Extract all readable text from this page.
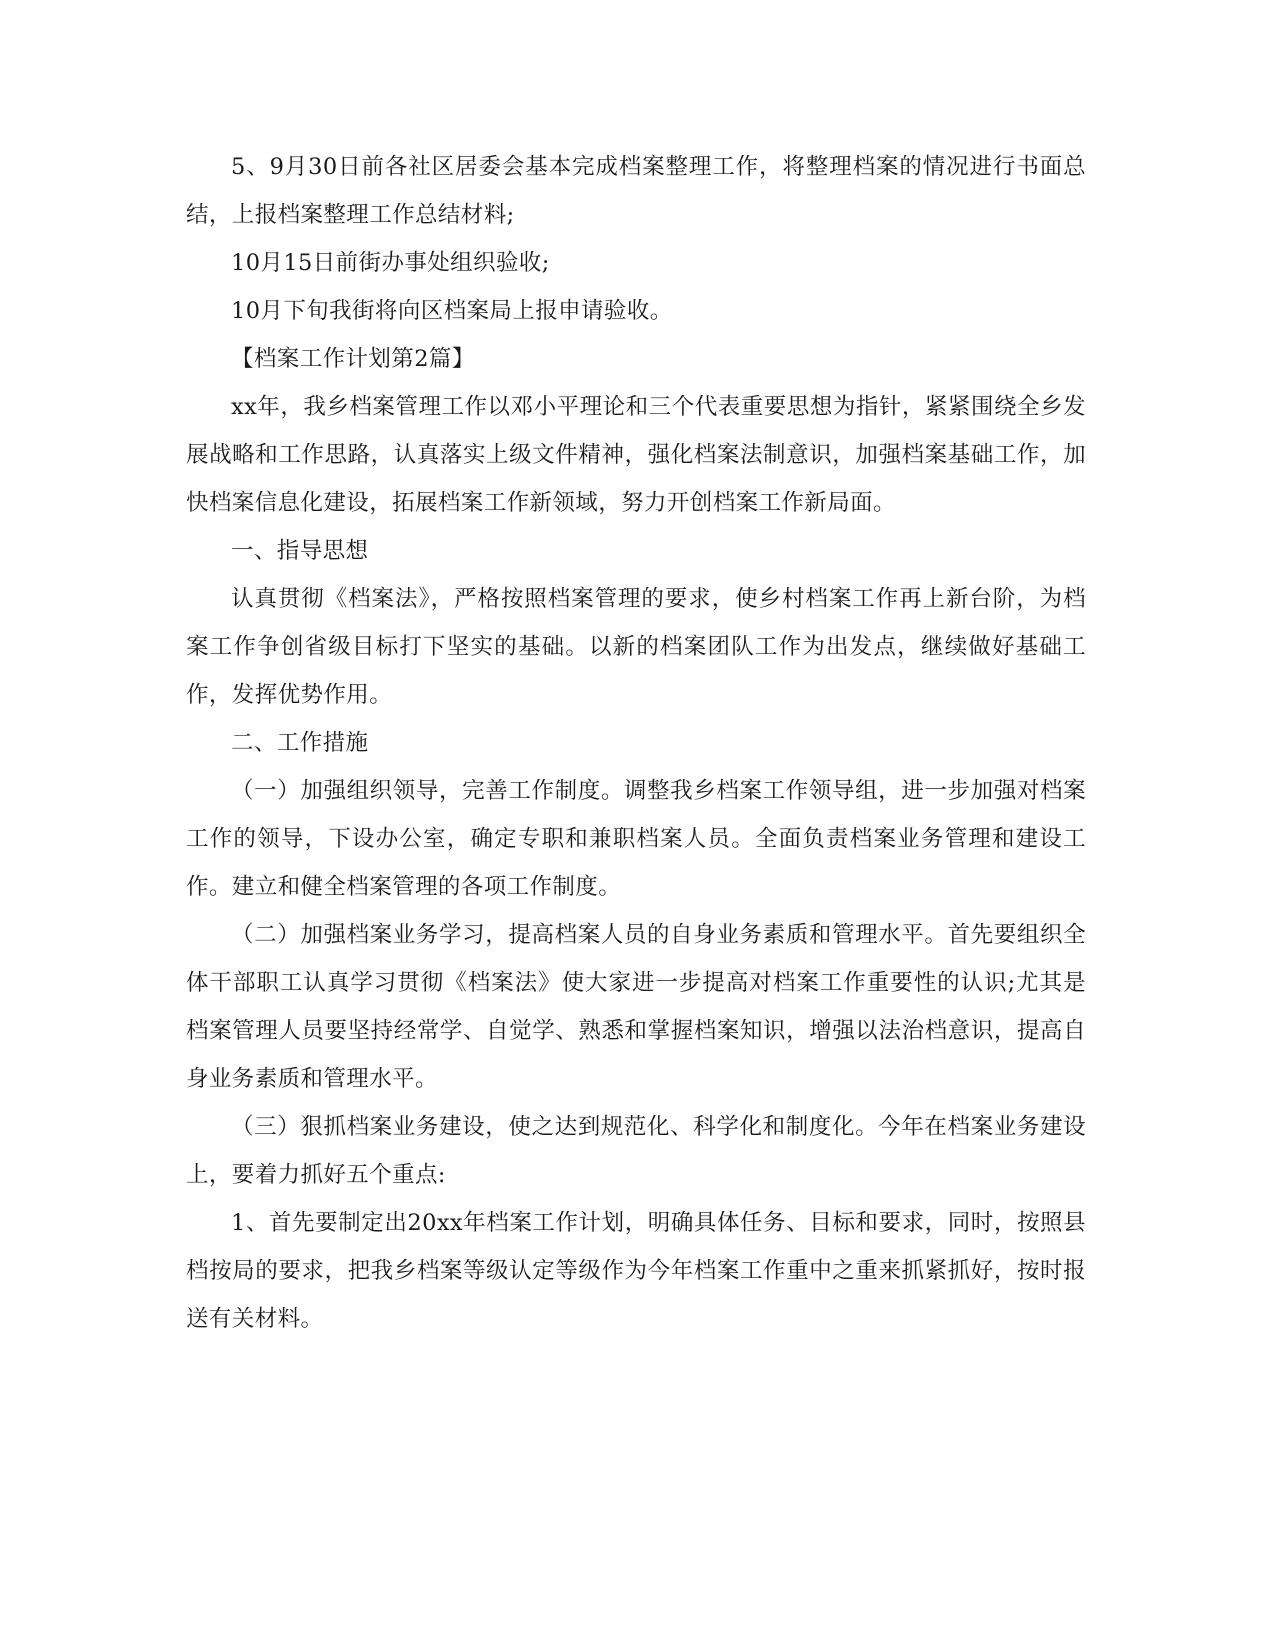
5、9月30日前各社区居委会基本完成档案整理工作，将整理档案的情况进行书面总结，上报档案整理工作总结材料;

10月15日前街办事处组织验收;

10月下旬我街将向区档案局上报申请验收。

【档案工作计划第2篇】

xx年，我乡档案管理工作以邓小平理论和三个代表重要思想为指针，紧紧围绕全乡发展战略和工作思路，认真落实上级文件精神，强化档案法制意识，加强档案基础工作，加快档案信息化建设，拓展档案工作新领域，努力开创档案工作新局面。

一、指导思想

认真贯彻《档案法》，严格按照档案管理的要求，使乡村档案工作再上新台阶，为档案工作争创省级目标打下坚实的基础。以新的档案团队工作为出发点，继续做好基础工作，发挥优势作用。

二、工作措施

（一）加强组织领导，完善工作制度。调整我乡档案工作领导组，进一步加强对档案工作的领导，下设办公室，确定专职和兼职档案人员。全面负责档案业务管理和建设工作。建立和健全档案管理的各项工作制度。

（二）加强档案业务学习，提高档案人员的自身业务素质和管理水平。首先要组织全体干部职工认真学习贯彻《档案法》使大家进一步提高对档案工作重要性的认识;尤其是档案管理人员要坚持经常学、自觉学、熟悉和掌握档案知识，增强以法治档意识，提高自身业务素质和管理水平。

（三）狠抓档案业务建设，使之达到规范化、科学化和制度化。今年在档案业务建设上，要着力抓好五个重点:

1、首先要制定出20xx年档案工作计划，明确具体任务、目标和要求，同时，按照县档按局的要求，把我乡档案等级认定等级作为今年档案工作重中之重来抓紧抓好，按时报送有关材料。
